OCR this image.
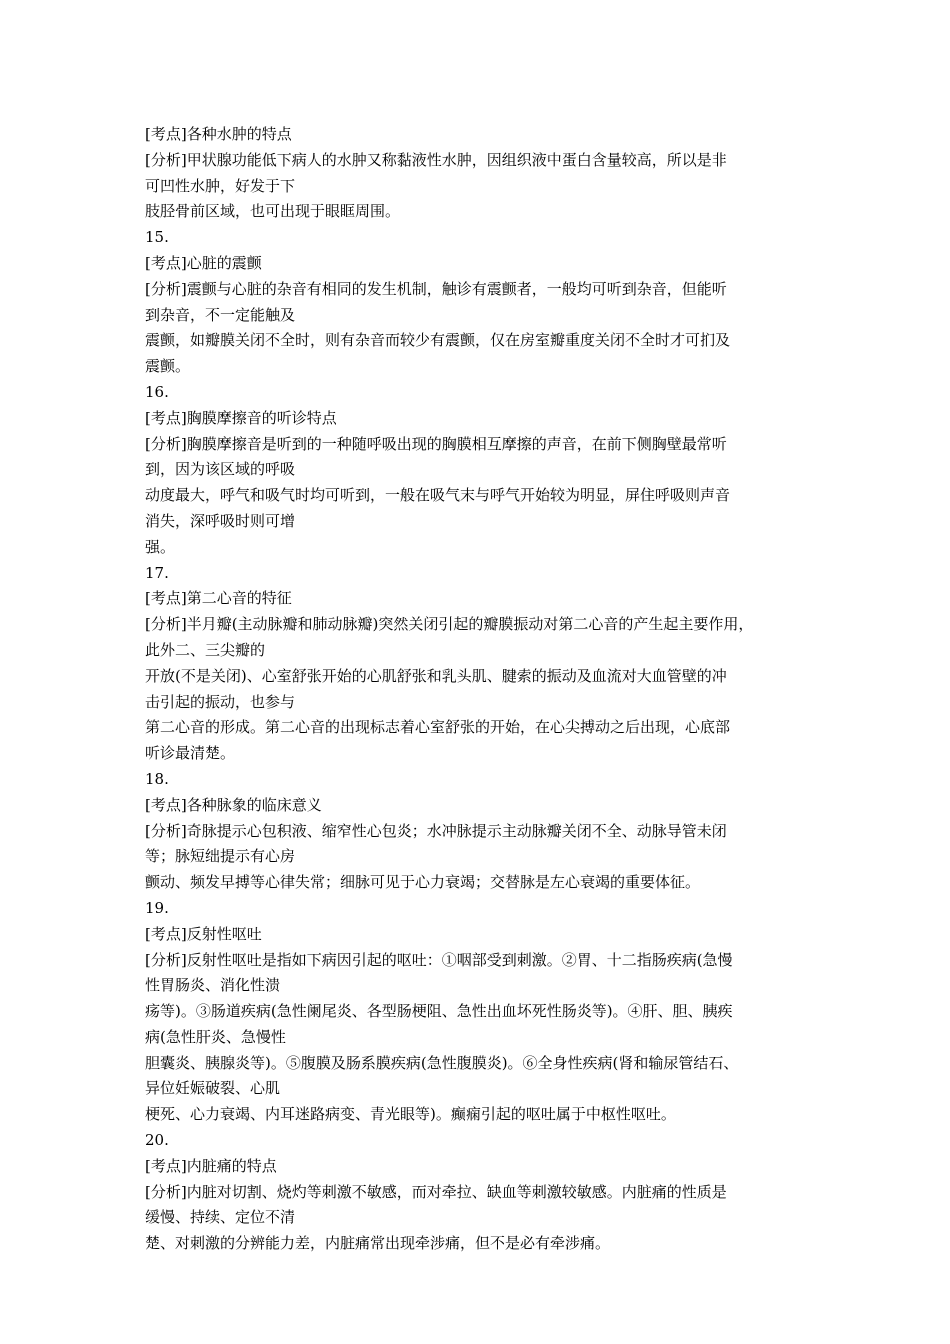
[考点]各种水肿的特点
[分析]甲状腺功能低下病人的水肿又称黏液性水肿，因组织液中蛋白含量较高，所以是非
可凹性水肿，好发于下
肢胫骨前区域，也可出现于眼眶周围。
15.
[考点]心脏的震颤
[分析]震颤与心脏的杂音有相同的发生机制，触诊有震颤者，一般均可听到杂音，但能听
到杂音，不一定能触及
震颤，如瓣膜关闭不全时，则有杂音而较少有震颤，仅在房室瓣重度关闭不全时才可扪及
震颤。
16.
[考点]胸膜摩擦音的听诊特点
[分析]胸膜摩擦音是听到的一种随呼吸出现的胸膜相互摩擦的声音，在前下侧胸壁最常听
到，因为该区域的呼吸
动度最大，呼气和吸气时均可听到，一般在吸气末与呼气开始较为明显，屏住呼吸则声音
消失，深呼吸时则可增
强。
17.
[考点]第二心音的特征
[分析]半月瓣(主动脉瓣和肺动脉瓣)突然关闭引起的瓣膜振动对第二心音的产生起主要作用，
此外二、三尖瓣的
开放(不是关闭)、心室舒张开始的心肌舒张和乳头肌、腱索的振动及血流对大血管壁的冲
击引起的振动，也参与
第二心音的形成。第二心音的出现标志着心室舒张的开始，在心尖搏动之后出现，心底部
听诊最清楚。
18.
[考点]各种脉象的临床意义
[分析]奇脉提示心包积液、缩窄性心包炎；水冲脉提示主动脉瓣关闭不全、动脉导管未闭
等；脉短绌提示有心房
颤动、频发早搏等心律失常；细脉可见于心力衰竭；交替脉是左心衰竭的重要体征。
19.
[考点]反射性呕吐
[分析]反射性呕吐是指如下病因引起的呕吐：①咽部受到刺激。②胃、十二指肠疾病(急慢
性胃肠炎、消化性溃
疡等)。③肠道疾病(急性阑尾炎、各型肠梗阻、急性出血坏死性肠炎等)。④肝、胆、胰疾
病(急性肝炎、急慢性
胆囊炎、胰腺炎等)。⑤腹膜及肠系膜疾病(急性腹膜炎)。⑥全身性疾病(肾和输尿管结石、
异位妊娠破裂、心肌
梗死、心力衰竭、内耳迷路病变、青光眼等)。癫痫引起的呕吐属于中枢性呕吐。
20.
[考点]内脏痛的特点
[分析]内脏对切割、烧灼等刺激不敏感，而对牵拉、缺血等刺激较敏感。内脏痛的性质是
缓慢、持续、定位不清
楚、对刺激的分辨能力差，内脏痛常出现牵涉痛，但不是必有牵涉痛。
